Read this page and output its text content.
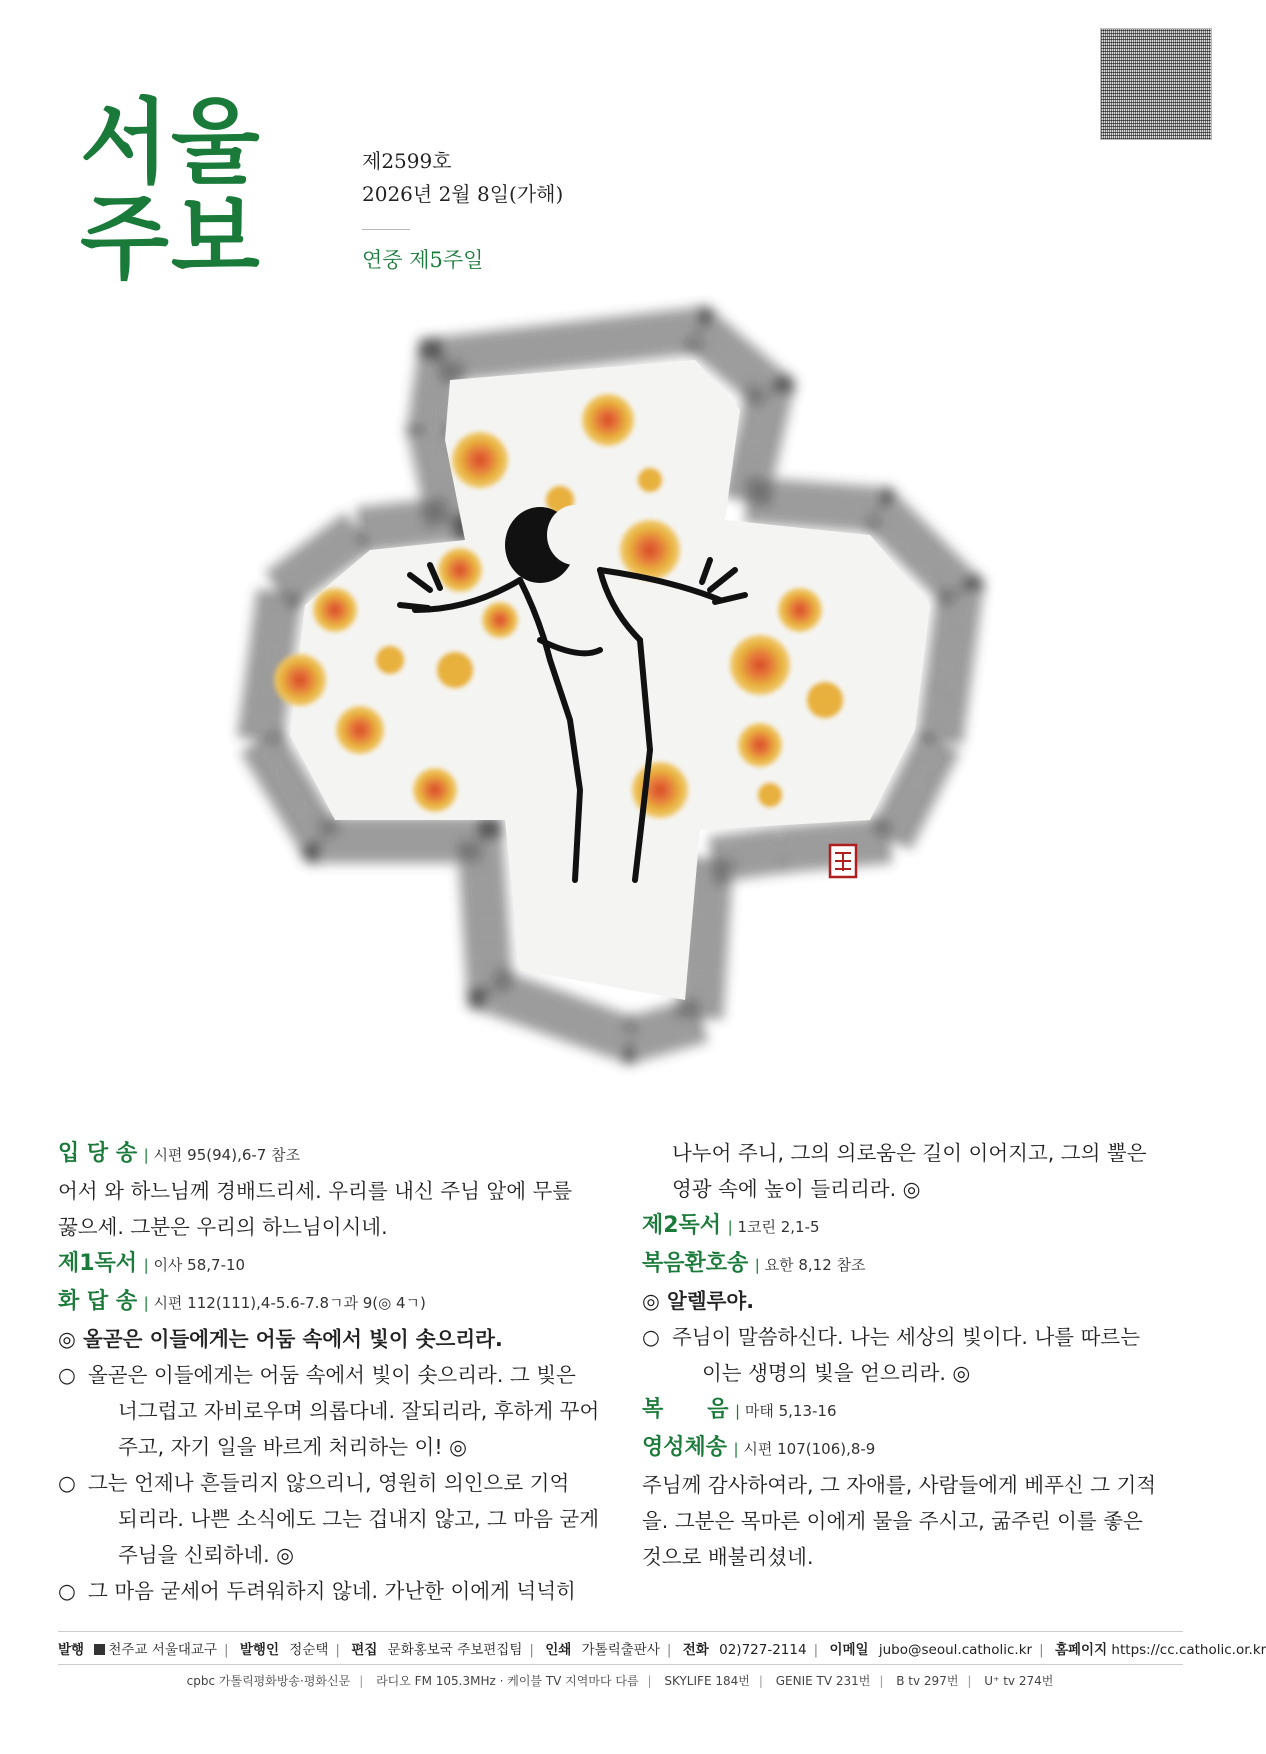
서울
주보
제2599호
2026년 2월 8일(가해)
연중 제5주일
입 당 송 | 시편 95(94),6-7 참조

어서 와 하느님께 경배드리세. 우리를 내신 주님 앞에 무릎
꿇으세. 그분은 우리의 하느님이시네.

제1독서 | 이사 58,7-10
화 답 송 | 시편 112(111),4-5.6-7.8ㄱ과 9(◎ 4ㄱ)
◎ 올곧은 이들에게는 어둠 속에서 빛이 솟으리라.
○ 올곧은 이들에게는 어둠 속에서 빛이 솟으리라. 그 빛은
너그럽고 자비로우며 의롭다네. 잘되리라, 후하게 꾸어
주고, 자기 일을 바르게 처리하는 이! ◎
○ 그는 언제나 흔들리지 않으리니, 영원히 의인으로 기억
되리라. 나쁜 소식에도 그는 겁내지 않고, 그 마음 굳게
주님을 신뢰하네. ◎
○ 그 마음 굳세어 두려워하지 않네. 가난한 이에게 넉넉히
나누어 주니, 그의 의로움은 길이 이어지고, 그의 뿔은
영광 속에 높이 들리리라. ◎
제2독서 | 1코린 2,1-5
복음환호송 | 요한 8,12 참조
◎ 알렐루야.
○ 주님이 말씀하신다. 나는 세상의 빛이다. 나를 따르는
이는 생명의 빛을 얻으리라. ◎
복　　음 | 마태 5,13-16
영성체송 | 시편 107(106),8-9

주님께 감사하여라, 그 자애를, 사람들에게 베푸신 그 기적
을. 그분은 목마른 이에게 물을 주시고, 굶주린 이를 좋은
것으로 배불리셨네.

발행 천주교 서울대교구 | 발행인 정순택 | 편집 문화홍보국 주보편집팀 | 인쇄 가톨릭출판사 | 전화 02)727-2114 | 이메일 jubo@seoul.catholic.kr | 홈페이지 https://cc.catholic.or.kr
cpbc 가톨릭평화방송·평화신문 | 라디오 FM 105.3MHz · 케이블 TV 지역마다 다름 | SKYLIFE 184번 | GENIE TV 231번 | B tv 297번 | U⁺ tv 274번
